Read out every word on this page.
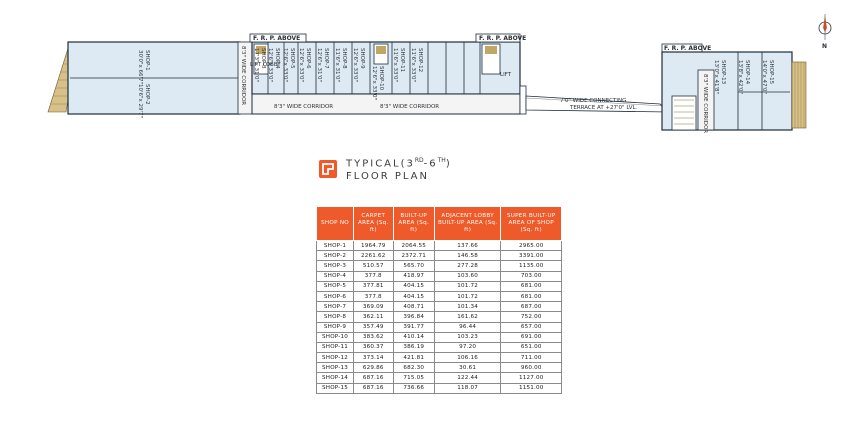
F. R. P. ABOVE	F. R. P. ABOVE
F. R. P. ABOVE
LIFT LOBBY
LIFT
8'3" WIDE CORRIDOR
8'3" WIDE CORRIDOR	8'3" WIDE CORRIDOR
7'0" WIDE CONNECTING
TERRACE AT +27'0" LVL.	8'3" WIDE CORRIDOR
N
SHOP-1
30'0"x 66'7"
SHOP-2
10'6"x 29'7"
SHOP-3
17'3"x 31'0"	SHOP-4
12'6"x 33'0"	SHOP-5
12'6"x 33'0"	SHOP-6
12'6"x 33'0"	SHOP-7
12'6"x 31'0"	SHOP-8
11'6"x 31'0"	SHOP-9
12'6"x 33'0"	SHOP-10
12'6"x 33'0"
SHOP-11
11'6"x 33'0"	SHOP-12
11'6"x 33'0"	SHOP-13
13'0"x 41'8"	SHOP-14
13'8"x 42'0"	SHOP-15
14'0"x 47'0"
TYPICAL(3RD-6TH)
FLOOR PLAN
SHOP NO	CARPET AREA (Sq. ft)	BUILT-UP AREA (Sq. ft)	ADJACENT LOBBY BUILT-UP AREA (Sq. ft)	SUPER BUILT-UP AREA OF SHOP (Sq. ft)
SHOP-1	1964.79	2064.55	137.66	2965.00
SHOP-2	2261.62	2372.71	146.58	3391.00
SHOP-3	510.57	565.70	277.28	1135.00
SHOP-4	377.8	418.97	103.60	703.00
SHOP-5	377.81	404.15	101.72	681.00
SHOP-6	377.8	404.15	101.72	681.00
SHOP-7	369.09	408.71	101.34	687.00
SHOP-8	362.11	396.84	161.62	752.00
SHOP-9	357.49	391.77	96.44	657.00
SHOP-10	383.62	410.14	103.23	691.00
SHOP-11	360.37	386.19	97.20	651.00
SHOP-12	373.14	421.81	106.16	711.00
SHOP-13	629.86	682.30	30.61	960.00
SHOP-14	687.16	715.05	122.44	1127.00
SHOP-15	687.16	736.66	118.07	1151.00
